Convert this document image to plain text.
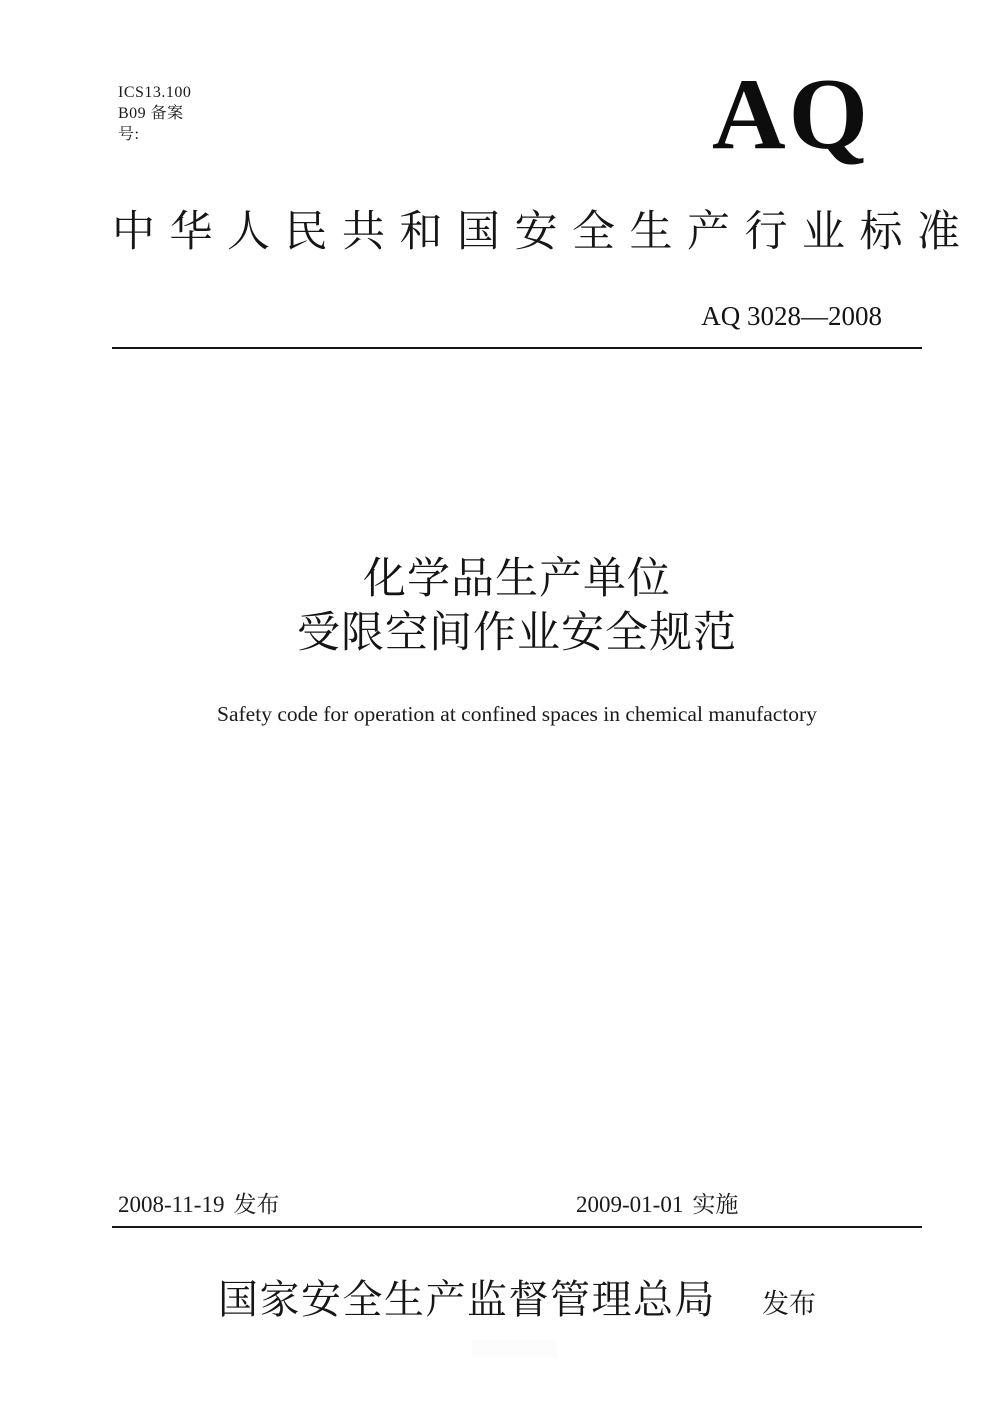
ICS13.100
B09 备案
号:	AQ
中华人民共和国安全生产行业标准
AQ 3028—2008
化学品生产单位
受限空间作业安全规范
Safety code for operation at confined spaces in chemical manufactory
2008-11-19 发布	2009-01-01 实施
国家安全生产监督管理总局 发布
